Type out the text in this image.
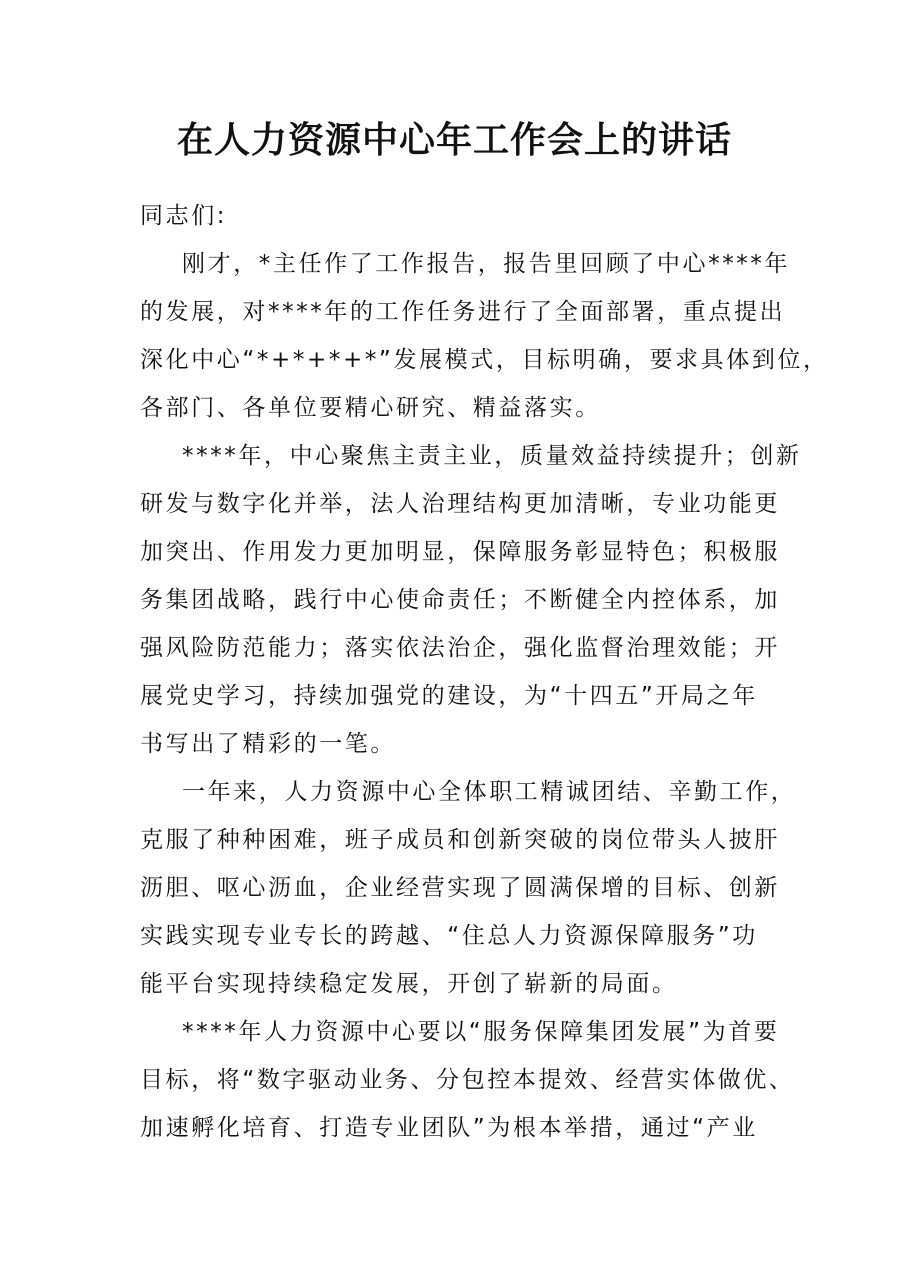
在人力资源中心年工作会上的讲话
同志们:
刚才，*主任作了工作报告，报告里回顾了中心****年
的发展，对****年的工作任务进行了全面部署，重点提出
深化中心“*+*+*+*”发展模式，目标明确，要求具体到位，
各部门、各单位要精心研究、精益落实。
****年，中心聚焦主责主业，质量效益持续提升；创新
研发与数字化并举，法人治理结构更加清晰，专业功能更
加突出、作用发力更加明显，保障服务彰显特色；积极服
务集团战略，践行中心使命责任；不断健全内控体系，加
强风险防范能力；落实依法治企，强化监督治理效能；开
展党史学习，持续加强党的建设，为“十四五”开局之年
书写出了精彩的一笔。
一年来，人力资源中心全体职工精诚团结、辛勤工作，
克服了种种困难，班子成员和创新突破的岗位带头人披肝
沥胆、呕心沥血，企业经营实现了圆满保增的目标、创新
实践实现专业专长的跨越、“住总人力资源保障服务”功
能平台实现持续稳定发展，开创了崭新的局面。
****年人力资源中心要以“服务保障集团发展”为首要
目标，将“数字驱动业务、分包控本提效、经营实体做优、
加速孵化培育、打造专业团队”为根本举措，通过“产业
